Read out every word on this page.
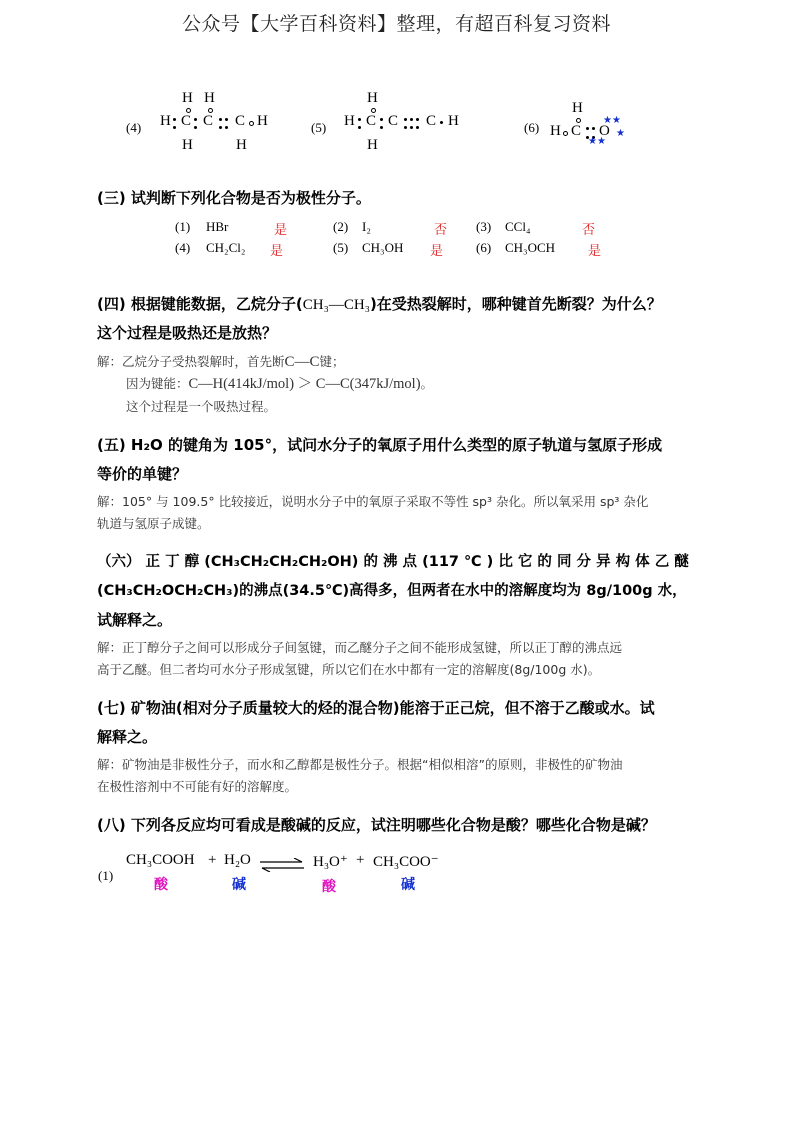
公众号【大学百科资料】整理，有超百科复习资料
(4)
H H
H C C C H
H	H
(5)
H
H C C C H
H
(6)
H
H C O
★★
★
★★
(三) 试判断下列化合物是否为极性分子。
(1) HBr	是	(2) I₂	否 (3) CCl₄	否
(4) CH₂Cl₂ 是	(5) CH₃OH 是	(6) CH₃OCH	是
(四) 根据键能数据，乙烷分子(CH₃—CH₃)在受热裂解时，哪种键首先断裂？为什么？
这个过程是吸热还是放热？
解：乙烷分子受热裂解时，首先断C—C键；
因为键能：C—H(414kJ/mol) ＞ C—C(347kJ/mol)。
这个过程是一个吸热过程。
(五) H₂O 的键角为 105°，试问水分子的氧原子用什么类型的原子轨道与氢原子形成
等价的单键？
解：105° 与 109.5° 比较接近，说明水分子中的氧原子采取不等性 sp³ 杂化。所以氧采用 sp³ 杂化
轨道与氢原子成键。
（六） 正 丁 醇 (CH₃CH₂CH₂CH₂OH) 的 沸 点 (117 ℃ ) 比 它 的 同 分 异 构 体 乙 醚
(CH₃CH₂OCH₂CH₃)的沸点(34.5℃)高得多，但两者在水中的溶解度均为 8g/100g 水，
试解释之。
解：正丁醇分子之间可以形成分子间氢键，而乙醚分子之间不能形成氢键，所以正丁醇的沸点远
高于乙醚。但二者均可水分子形成氢键，所以它们在水中都有一定的溶解度(8g/100g 水)。
(七) 矿物油(相对分子质量较大的烃的混合物)能溶于正己烷，但不溶于乙酸或水。试
解释之。
解：矿物油是非极性分子，而水和乙醇都是极性分子。根据“相似相溶”的原则，非极性的矿物油
在极性溶剂中不可能有好的溶解度。
(八) 下列各反应均可看成是酸碱的反应，试注明哪些化合物是酸？哪些化合物是碱？
(1)
CH₃COOH + H₂O ⇌ H₃O⁺ + CH₃COO⁻
酸	碱	酸	碱
